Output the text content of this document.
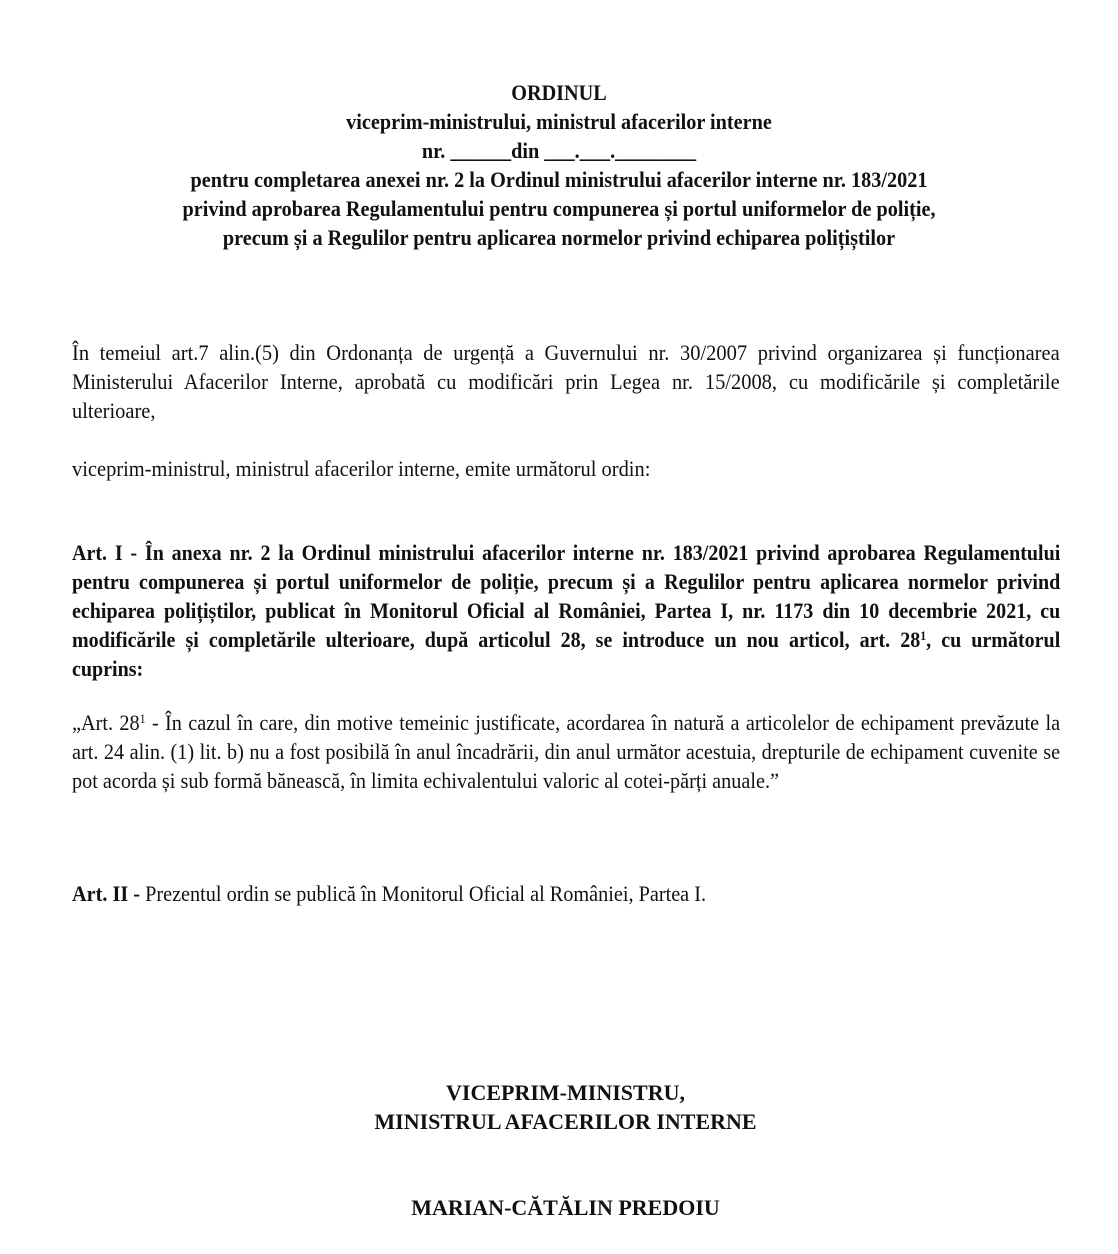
ORDINUL
viceprim-ministrului, ministrul afacerilor interne
nr. ______din ___.___.________
pentru completarea anexei nr. 2 la Ordinul ministrului afacerilor interne nr. 183/2021
privind aprobarea Regulamentului pentru compunerea și portul uniformelor de poliție,
precum și a Regulilor pentru aplicarea normelor privind echiparea polițiștilor
În temeiul art.7 alin.(5) din Ordonanța de urgență a Guvernului nr. 30/2007 privind organizarea și funcționarea Ministerului Afacerilor Interne, aprobată cu modificări prin Legea nr. 15/2008, cu modificările și completările ulterioare,
viceprim-ministrul, ministrul afacerilor interne, emite următorul ordin:
Art. I - În anexa nr. 2 la Ordinul ministrului afacerilor interne nr. 183/2021 privind aprobarea Regulamentului pentru compunerea și portul uniformelor de poliție, precum și a Regulilor pentru aplicarea normelor privind echiparea polițiștilor, publicat în Monitorul Oficial al României, Partea I, nr. 1173 din 10 decembrie 2021, cu modificările și completările ulterioare, după articolul 28, se introduce un nou articol, art. $28^1$, cu următorul cuprins:
„Art. $28^1$ - În cazul în care, din motive temeinic justificate, acordarea în natură a articolelor de echipament prevăzute la art. 24 alin. (1) lit. b) nu a fost posibilă în anul încadrării, din anul următor acestuia, drepturile de echipament cuvenite se pot acorda și sub formă bănească, în limita echivalentului valoric al cotei-părți anuale.”
Art. II - Prezentul ordin se publică în Monitorul Oficial al României, Partea I.
VICEPRIM-MINISTRU,
MINISTRUL AFACERILOR INTERNE
MARIAN-CĂTĂLIN PREDOIU
